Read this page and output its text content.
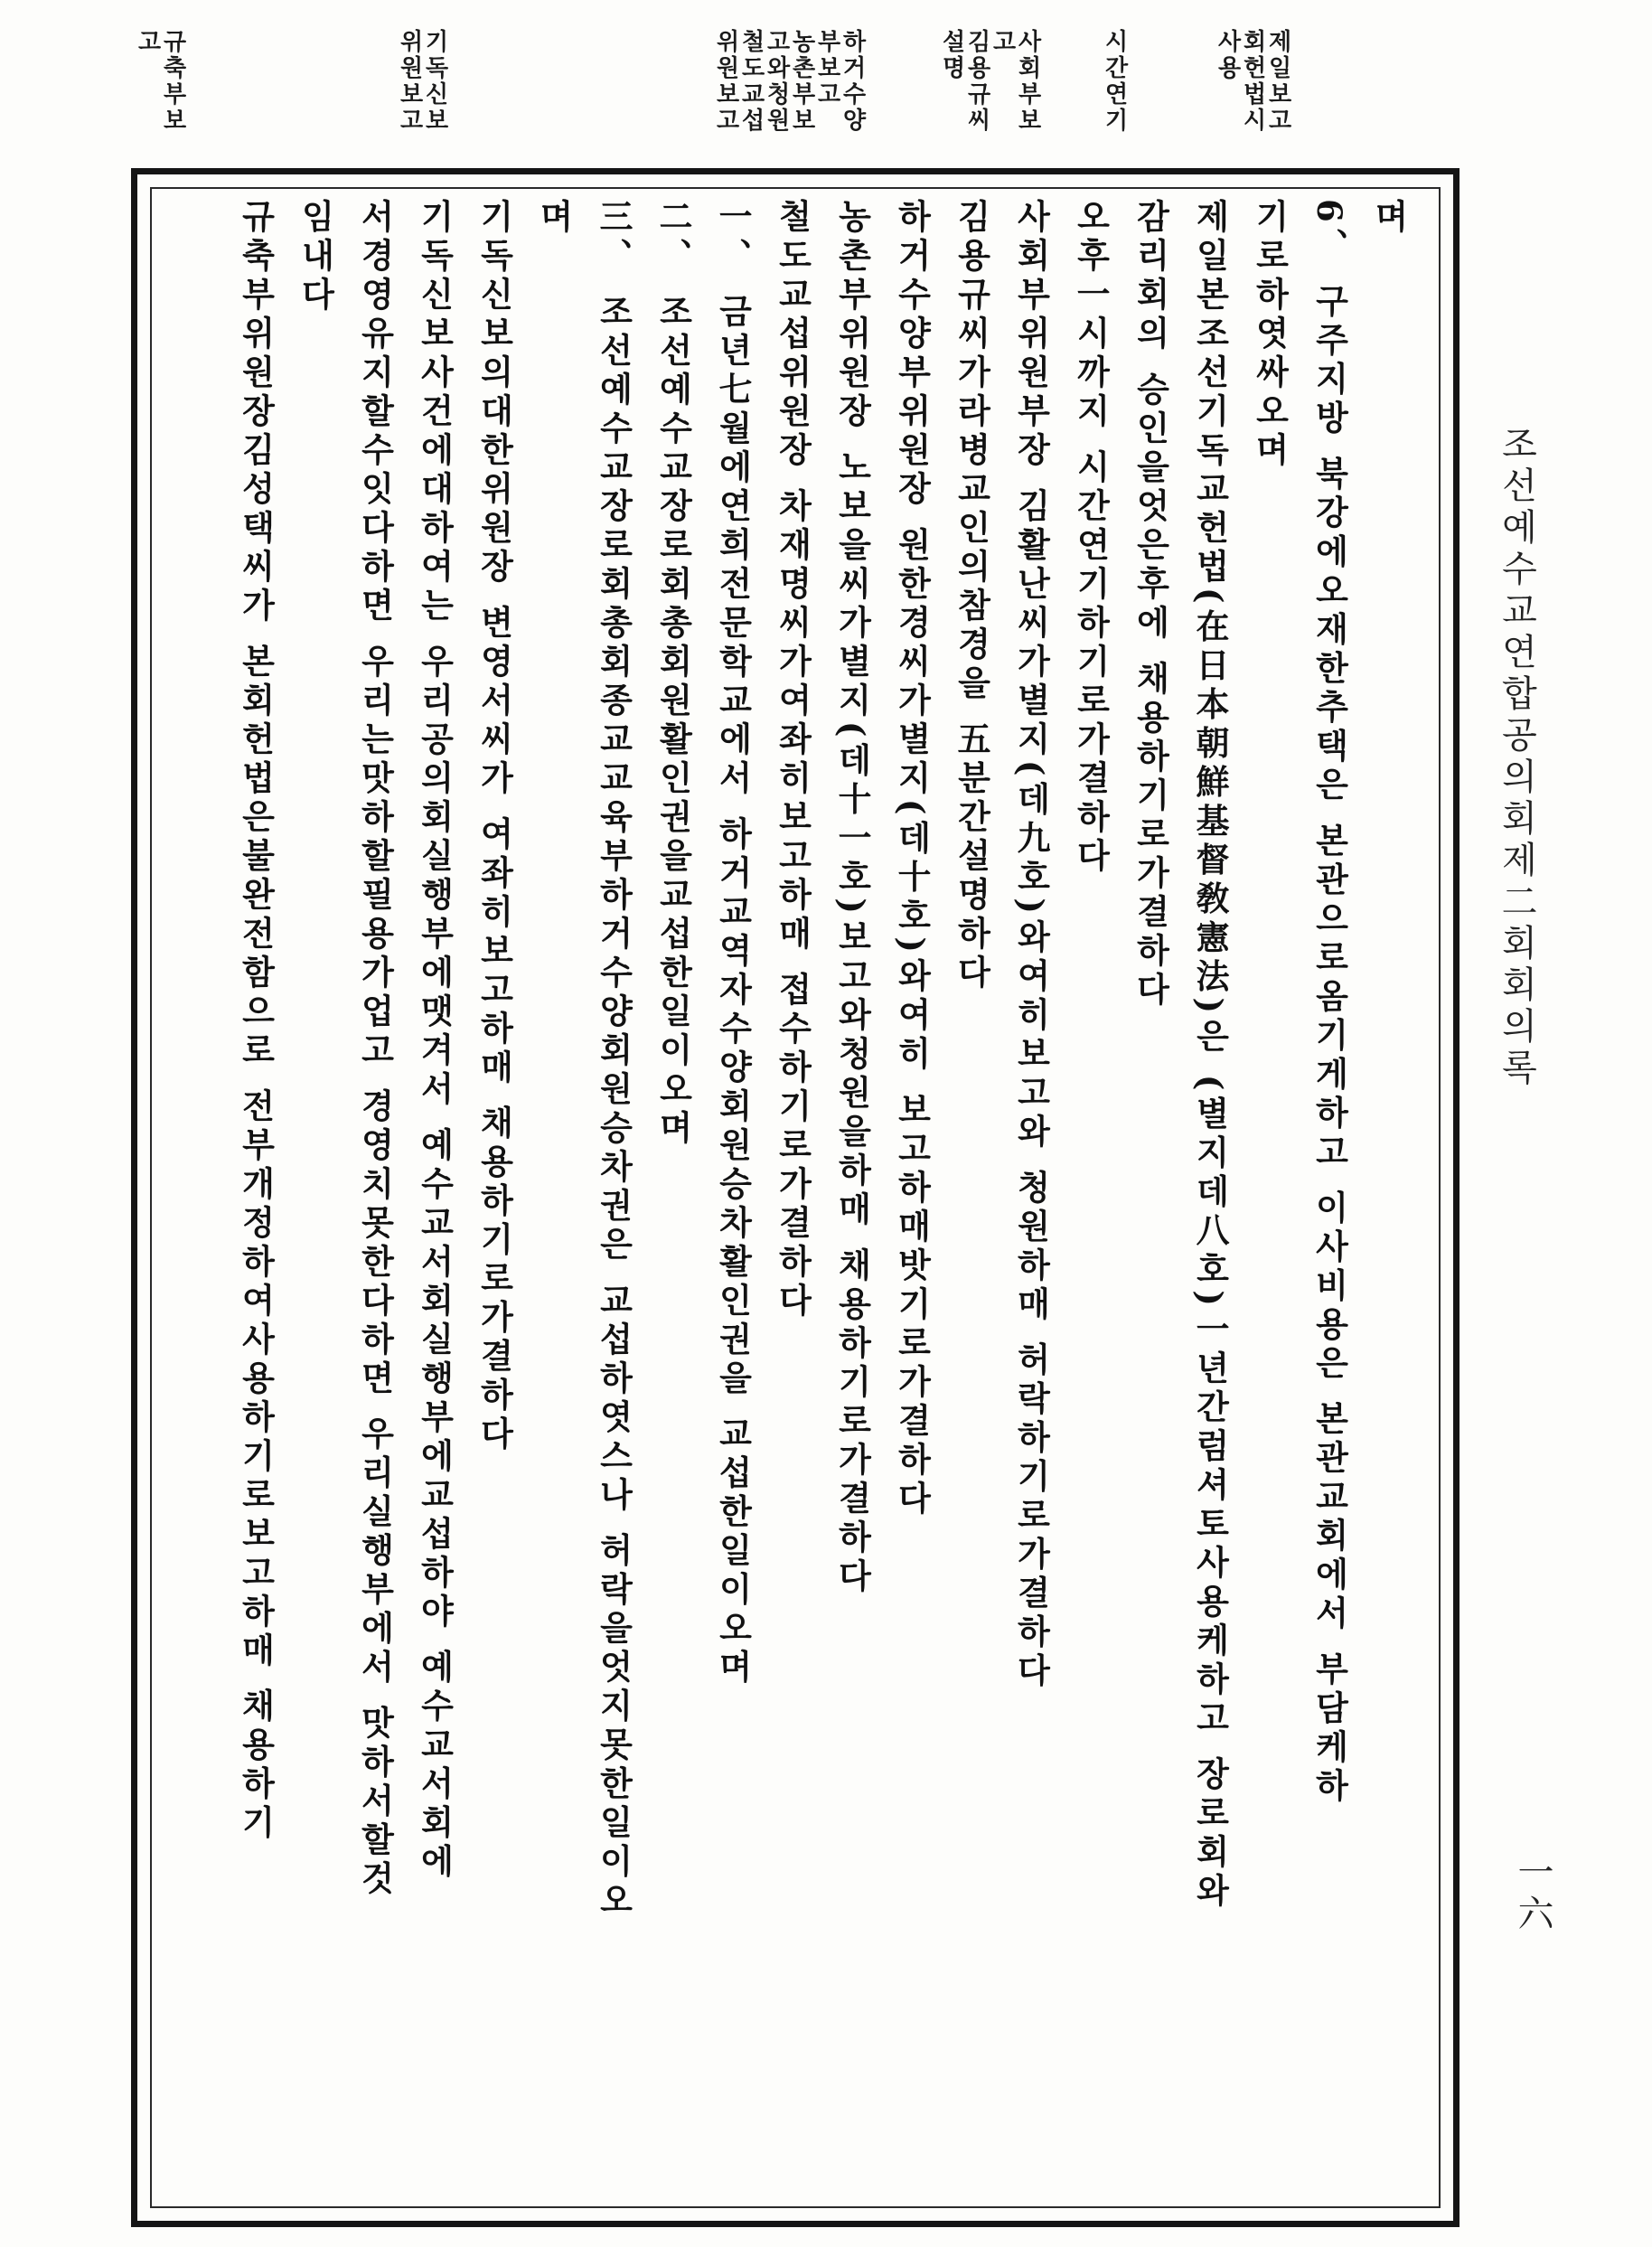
제일보고
회헌법시
사용
시간연기
사회부보
고
김용규씨
설명
하거수양
부보고
농촌부보
고와청원
철도교섭
위원보고
기독신보
위원보고
규축부보
고
조선예수교연합공의회제二회회의록
一六
며
6、 구주지방 북강에오재한추택은 본관으로옴기게하고 이사비용은 본관교회에서 부담케하
기로하엿싸오며
제일본조선기독교헌법(在日本朝鮮基督敎憲法)은 (별지데八호)一년간럼셔토사용케하고 장로회와
감리회의 승인을엇은후에 채용하기로가결하다
오후一시까지 시간연기하기로가결하다
사회부위원부장 김활난씨가별지(데九호)와여히보고와 청원하매 허락하기로가결하다
김용규씨가라병교인의참경을 五분간설명하다
하거수양부위원장 원한경씨가별지(데十호)와여히 보고하매밧기로가결하다
농촌부위원장 노보을씨가별지(데十一호)보고와청원을하매 채용하기로가결하다
철도교섭위원장 차재명씨가여좌히보고하매 접수하기로가결하다
一、 금년七월에연희전문학교에서 하거교역자수양회원승차활인권을 교섭한일이오며
二、 조선예수교장로회총회원활인권을교섭한일이오며
三、 조선예수교장로회총회종교교육부하거수양회원승차권은 교섭하엿스나 허락을엇지못한일이오
며
기독신보의대한위원장 변영서씨가 여좌히보고하매 채용하기로가결하다
기독신보사건에대하여는 우리공의회실행부에맷겨서 예수교서회실행부에교섭하야 예수교서회에
서경영유지할수잇다하면 우리는맛하할필용가업고 경영치못한다하면 우리실행부에서 맛하서할것
임내다
규축부위원장김성택씨가 본회헌법은불완전함으로 전부개정하여사용하기로보고하매 채용하기
